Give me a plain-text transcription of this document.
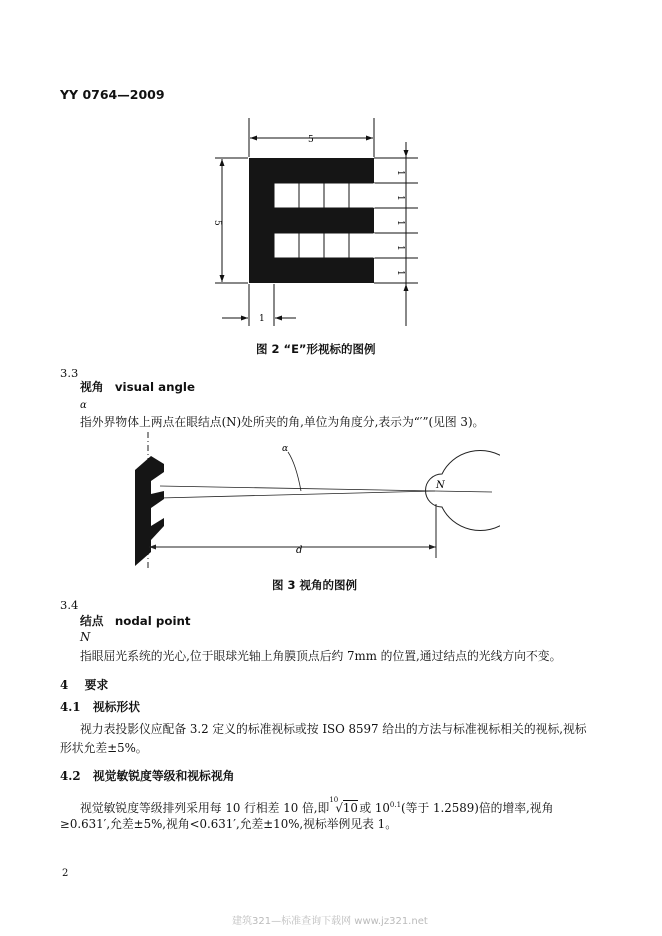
YY 0764—2009
5
5
1
1
1
1
1
1
图 2 “E”形视标的图例
3.3
视角 visual angle
α
指外界物体上两点在眼结点(N)处所夹的角,单位为角度分,表示为“′”(见图 3)。
α
N
d
图 3 视角的图例
3.4
结点 nodal point
N
指眼屈光系统的光心,位于眼球光轴上角膜顶点后约 7mm 的位置,通过结点的光线方向不变。
4 要求
4.1 视标形状
视力表投影仪应配备 3.2 定义的标准视标或按 ISO 8597 给出的方法与标准视标相关的视标,视标
形状允差±5%。
4.2 视觉敏锐度等级和视标视角
视觉敏锐度等级排列采用每 10 行相差 10 倍,即
10
√10或 $10^{0.1}$(等于 1.2589)倍的增率,视角
≥0.631′,允差±5%,视角<0.631′,允差±10%,视标举例见表 1。
2
建筑321—标准查询下载网 www.jz321.net
